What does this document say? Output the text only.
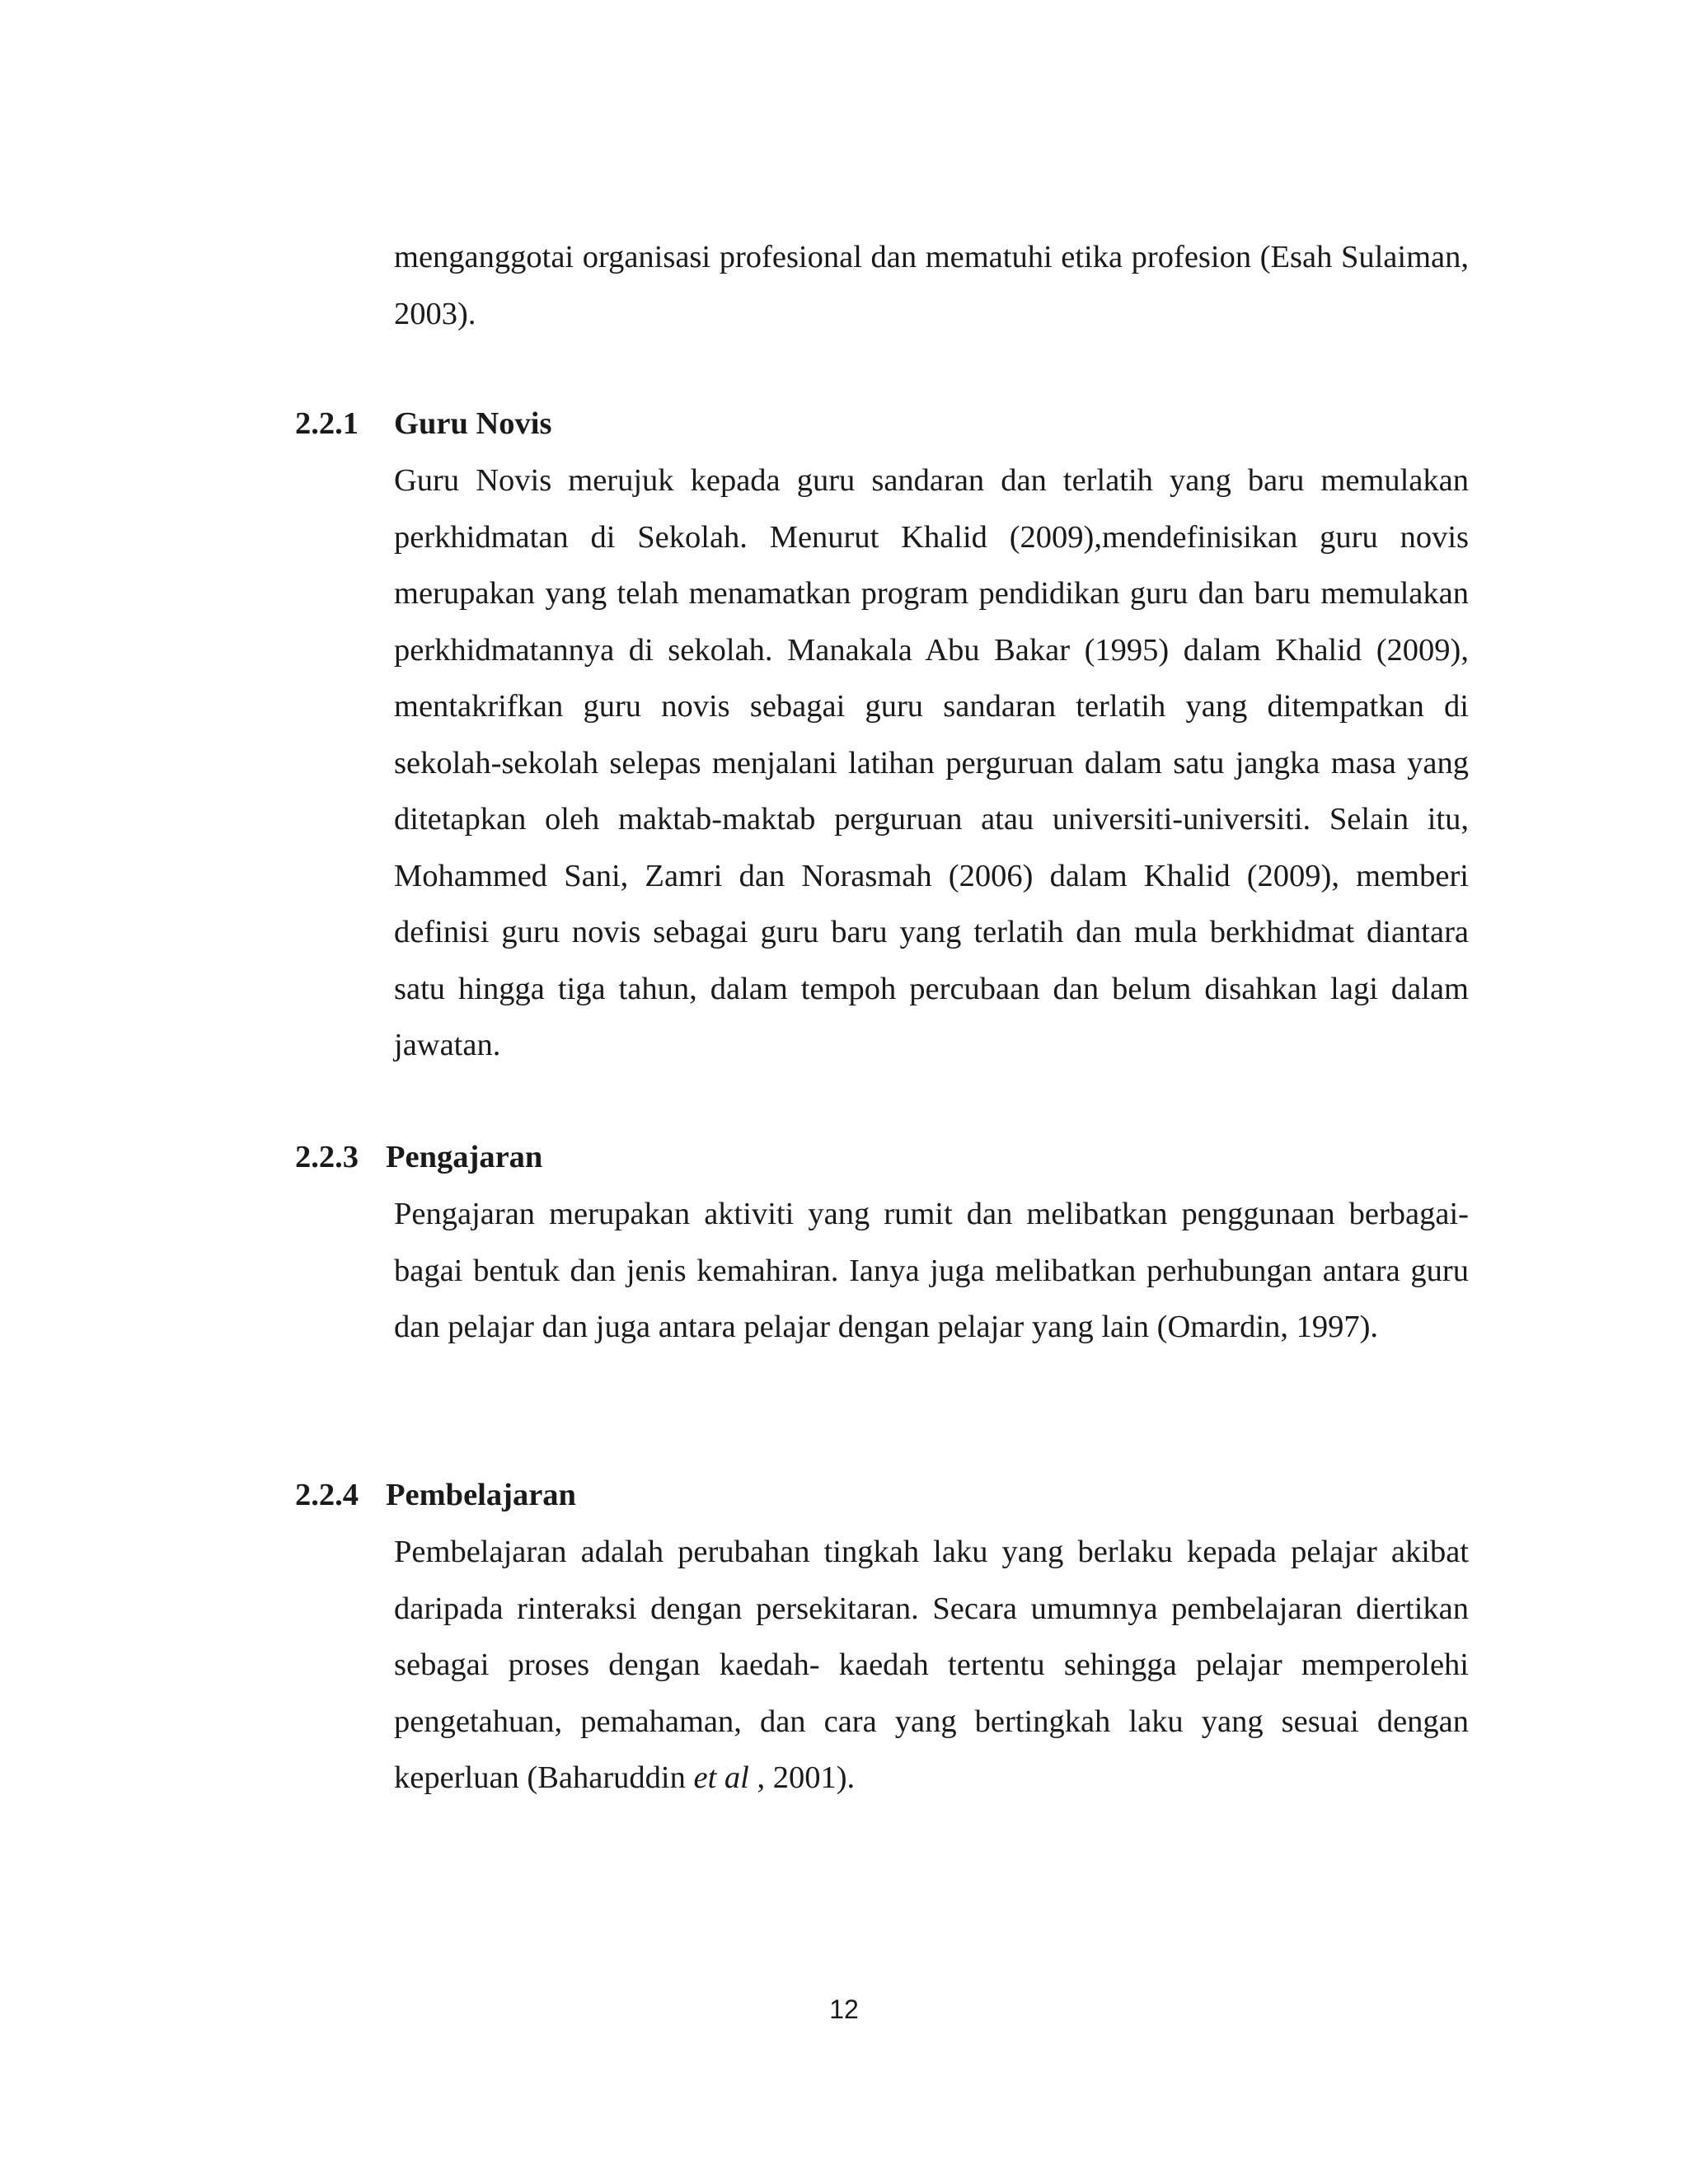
menganggotai organisasi profesional dan mematuhi etika profesion (Esah Sulaiman, 2003).

2.2.1 Guru Novis

Guru Novis merujuk kepada guru sandaran dan terlatih yang baru memulakan perkhidmatan di Sekolah. Menurut Khalid (2009),mendefinisikan guru novis merupakan yang telah menamatkan program pendidikan guru dan baru memulakan perkhidmatannya di sekolah. Manakala Abu Bakar (1995) dalam Khalid (2009), mentakrifkan guru novis sebagai guru sandaran terlatih yang ditempatkan di sekolah-sekolah selepas menjalani latihan perguruan dalam satu jangka masa yang ditetapkan oleh maktab-maktab perguruan atau universiti-universiti. Selain itu, Mohammed Sani, Zamri dan Norasmah (2006) dalam Khalid (2009), memberi definisi guru novis sebagai guru baru yang terlatih dan mula berkhidmat diantara satu hingga tiga tahun, dalam tempoh percubaan dan belum disahkan lagi dalam jawatan.

2.2.3 Pengajaran

Pengajaran merupakan aktiviti yang rumit dan melibatkan penggunaan berbagai-bagai bentuk dan jenis kemahiran. Ianya juga melibatkan perhubungan antara guru dan pelajar dan juga antara pelajar dengan pelajar yang lain (Omardin, 1997).

2.2.4 Pembelajaran

Pembelajaran adalah perubahan tingkah laku yang berlaku kepada pelajar akibat daripada rinteraksi dengan persekitaran. Secara umumnya pembelajaran diertikan sebagai proses dengan kaedah- kaedah tertentu sehingga pelajar memperolehi pengetahuan, pemahaman, dan cara yang bertingkah laku yang sesuai dengan keperluan (Baharuddin et al , 2001).

12
